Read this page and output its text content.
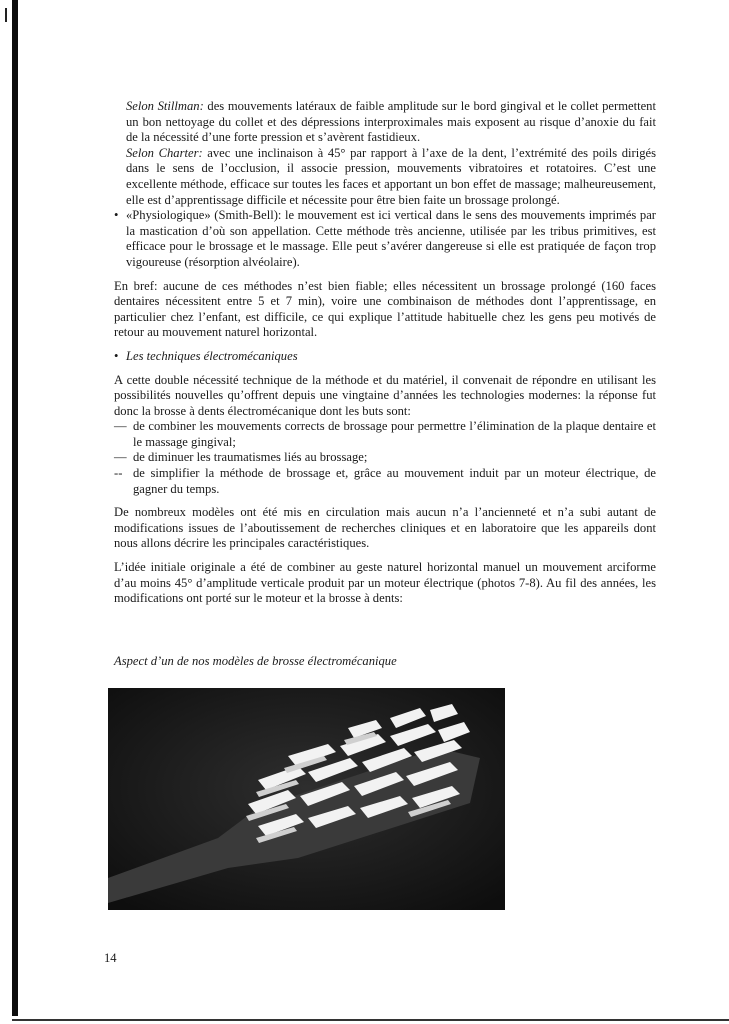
Selon Stillman: des mouvements latéraux de faible amplitude sur le bord gingival et le collet permettent un bon nettoyage du collet et des dépressions interproximales mais exposent au risque d’anoxie du fait de la nécessité d’une forte pression et s’avèrent fastidieux.

Selon Charter: avec une inclinaison à 45° par rapport à l’axe de la dent, l’extrémité des poils dirigés dans le sens de l’occlusion, il associe pression, mouvements vibratoires et rotatoires. C’est une excellente méthode, efficace sur toutes les faces et apportant un bon effet de massage; malheureusement, elle est d’apprentissage difficile et nécessite pour être bien faite un brossage prolongé.

• «Physiologique» (Smith-Bell): le mouvement est ici vertical dans le sens des mouvements imprimés par la mastication d’où son appellation. Cette méthode très ancienne, utilisée par les tribus primitives, est efficace pour le brossage et le massage. Elle peut s’avérer dangereuse si elle est pratiquée de façon trop vigoureuse (résorption alvéolaire).

En bref: aucune de ces méthodes n’est bien fiable; elles nécessitent un brossage prolongé (160 faces dentaires nécessitent entre 5 et 7 min), voire une combinaison de méthodes dont l’apprentissage, en particulier chez l’enfant, est difficile, ce qui explique l’attitude habituelle chez les gens peu motivés de retour au mouvement naturel horizontal.

• Les techniques électromécaniques

A cette double nécessité technique de la méthode et du matériel, il convenait de répondre en utilisant les possibilités nouvelles qu’offrent depuis une vingtaine d’années les technologies modernes: la réponse fut donc la brosse à dents électromécanique dont les buts sont:

— de combiner les mouvements corrects de brossage pour permettre l’élimination de la plaque dentaire et le massage gingival;
— de diminuer les traumatismes liés au brossage;
-- de simplifier la méthode de brossage et, grâce au mouvement induit par un moteur électrique, de gagner du temps.

De nombreux modèles ont été mis en circulation mais aucun n’a l’ancienneté et n’a subi autant de modifications issues de l’aboutissement de recherches cliniques et en laboratoire que les appareils dont nous allons décrire les principales caractéristiques.

L’idée initiale originale a été de combiner au geste naturel horizontal manuel un mouvement arciforme d’au moins 45° d’amplitude verticale produit par un moteur électrique (photos 7-8). Au fil des années, les modifications ont porté sur le moteur et la brosse à dents:

Aspect d’un de nos modèles de brosse électromécanique
14
